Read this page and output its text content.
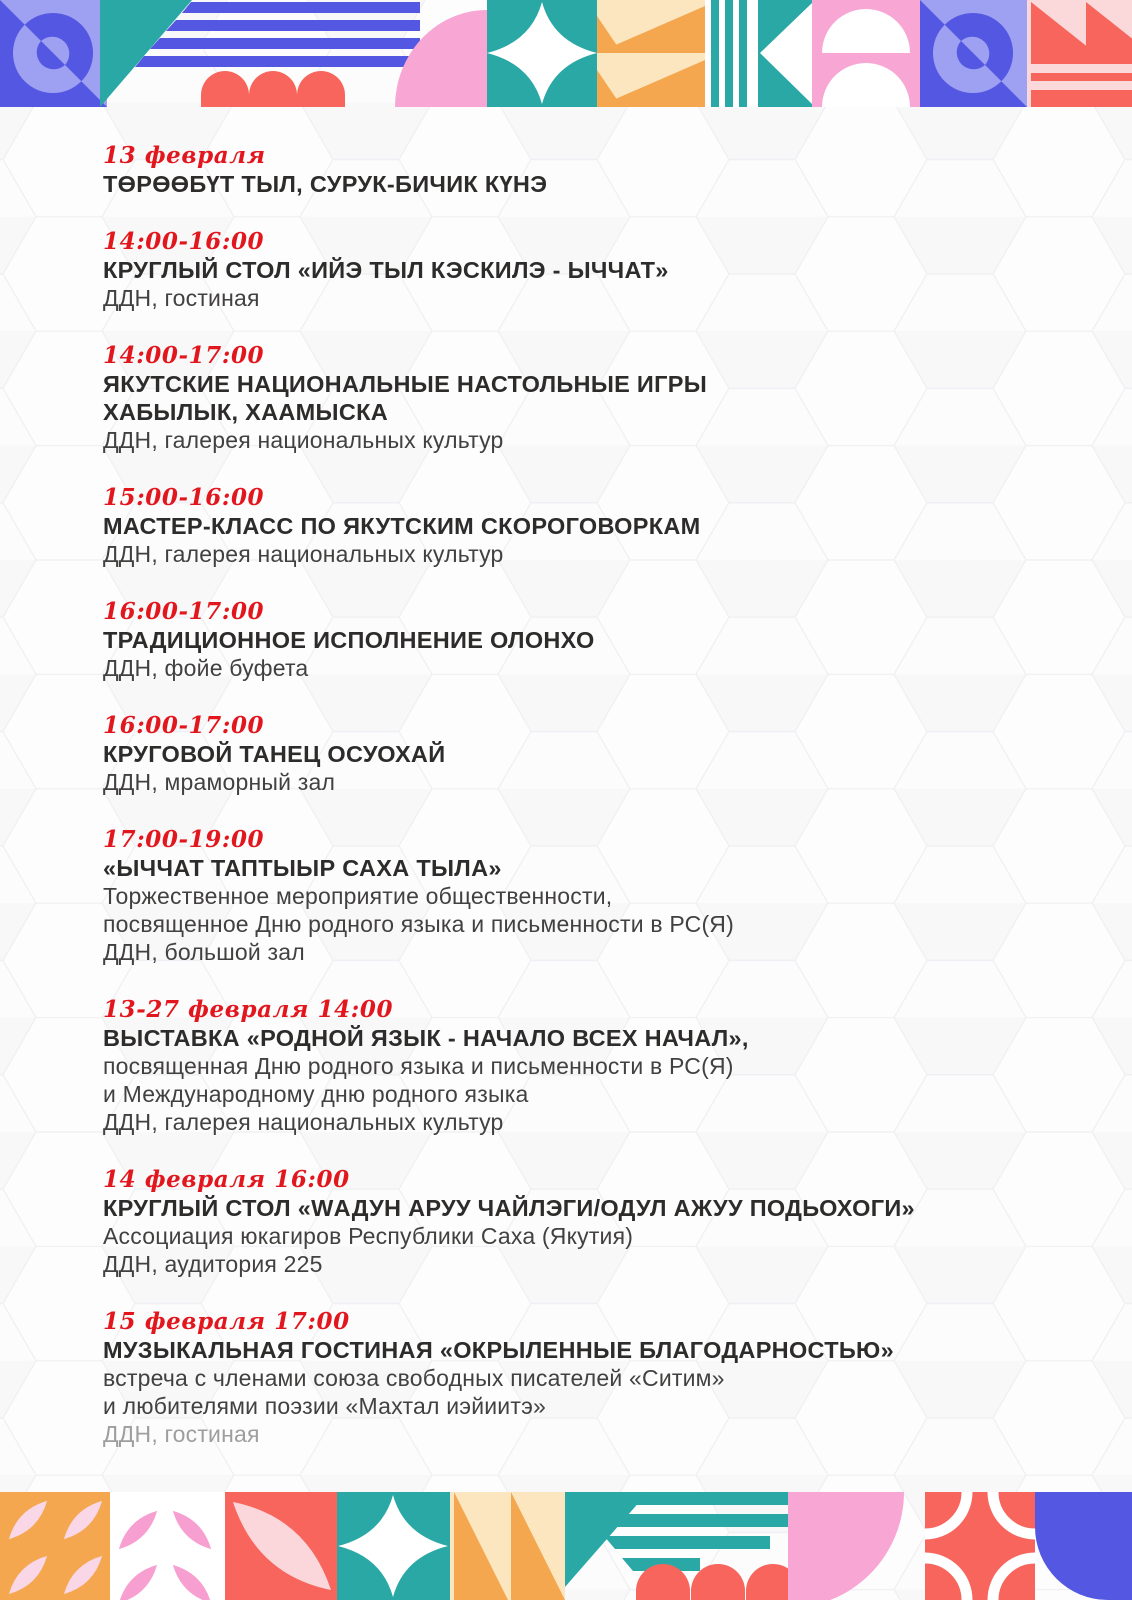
13 февраля
ТӨРӨӨБҮТ ТЫЛ, СУРУК-БИЧИК КҮНЭ
14:00-16:00
КРУГЛЫЙ СТОЛ «ИЙЭ ТЫЛ КЭСКИЛЭ - ЫЧЧАТ»
ДДН, гостиная
14:00-17:00
ЯКУТСКИЕ НАЦИОНАЛЬНЫЕ НАСТОЛЬНЫЕ ИГРЫ
ХАБЫЛЫК, ХААМЫСКА
ДДН, галерея национальных культур
15:00-16:00
МАСТЕР-КЛАСС ПО ЯКУТСКИМ СКОРОГОВОРКАМ
ДДН, галерея национальных культур
16:00-17:00
ТРАДИЦИОННОЕ ИСПОЛНЕНИЕ ОЛОНХО
ДДН, фойе буфета
16:00-17:00
КРУГОВОЙ ТАНЕЦ ОСУОХАЙ
ДДН, мраморный зал
17:00-19:00
«ЫЧЧАТ ТАПТЫЫР САХА ТЫЛА»
Торжественное мероприятие общественности,
посвященное Дню родного языка и письменности в РС(Я)
ДДН, большой зал
13-27 февраля 14:00
ВЫСТАВКА «РОДНОЙ ЯЗЫК - НАЧАЛО ВСЕХ НАЧАЛ»,
посвященная Дню родного языка и письменности в РС(Я)
и Международному дню родного языка
ДДН, галерея национальных культур
14 февраля 16:00
КРУГЛЫЙ СТОЛ «WАДУН АРУУ ЧАЙЛЭГИ/ОДУЛ АЖУУ ПОДЬОХОГИ»
Ассоциация юкагиров Республики Саха (Якутия)
ДДН, аудитория 225
15 февраля 17:00
МУЗЫКАЛЬНАЯ ГОСТИНАЯ «ОКРЫЛЕННЫЕ БЛАГОДАРНОСТЬЮ»
встреча с членами союза свободных писателей «Ситим»
и любителями поэзии «Махтал иэйиитэ»
ДДН, гостиная
